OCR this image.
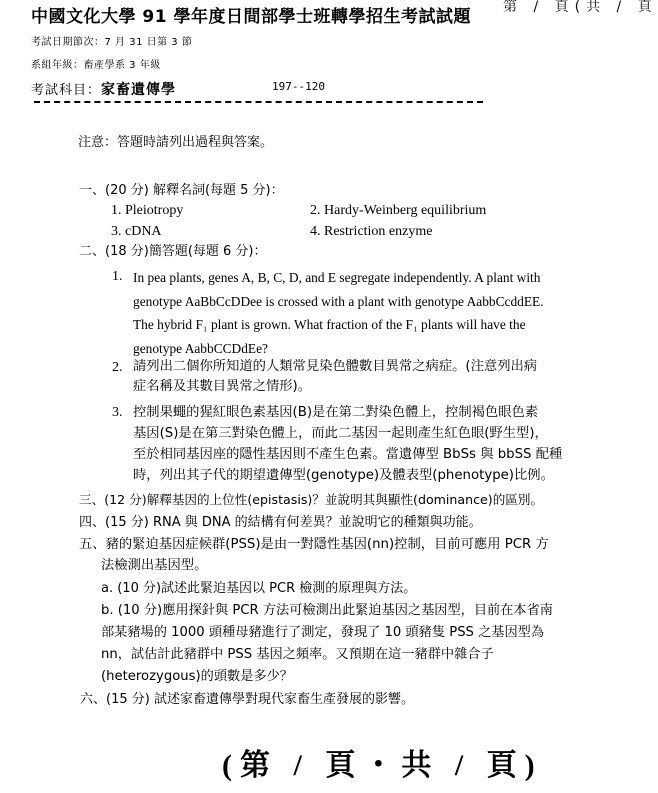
中國文化大學 91 學年度日間部學士班轉學招生考試試題 第 / 頁(共 / 頁
考試日期節次：7 月 31 日第 3 節
系組年級：畜產學系 3 年級
考試科目：家畜遺傳學	197--120
注意：答題時請列出過程與答案。
一、(20 分) 解釋名詞(每題 5 分)：
1. Pleiotropy	2. Hardy-Weinberg equilibrium
3. cDNA	4. Restriction enzyme
二、(18 分)簡答題(每題 6 分)：
1. In pea plants, genes A, B, C, D, and E segregate independently. A plant with
genotype AaBbCcDDee is crossed with a plant with genotype AabbCcddEE.
The hybrid F₁ plant is grown. What fraction of the F₁ plants will have the
genotype AabbCCDdEe?
2. 請列出二個你所知道的人類常見染色體數目異常之病症。(注意列出病
症名稱及其數目異常之情形)。
3. 控制果蠅的猩紅眼色素基因(B)是在第二對染色體上，控制褐色眼色素
基因(S)是在第三對染色體上，而此二基因一起則產生紅色眼(野生型)，
至於相同基因座的隱性基因則不產生色素。當遺傳型 BbSs 與 bbSS 配種
時，列出其子代的期望遺傳型(genotype)及體表型(phenotype)比例。
三、(12 分)解釋基因的上位性(epistasis)？並說明其與顯性(dominance)的區別。
四、(15 分) RNA 與 DNA 的結構有何差異？並說明它的種類與功能。
五、豬的緊迫基因症候群(PSS)是由一對隱性基因(nn)控制，目前可應用 PCR 方
法檢測出基因型。
a. (10 分)試述此緊迫基因以 PCR 檢測的原理與方法。
b. (10 分)應用探針與 PCR 方法可檢測出此緊迫基因之基因型，目前在本省南
部某豬場的 1000 頭種母豬進行了測定，發現了 10 頭豬隻 PSS 之基因型為
nn，試估計此豬群中 PSS 基因之頻率。又預期在這一豬群中雜合子
(heterozygous)的頭數是多少？
六、(15 分) 試述家畜遺傳學對現代家畜生產發展的影響。
(第 / 頁・共 / 頁)
